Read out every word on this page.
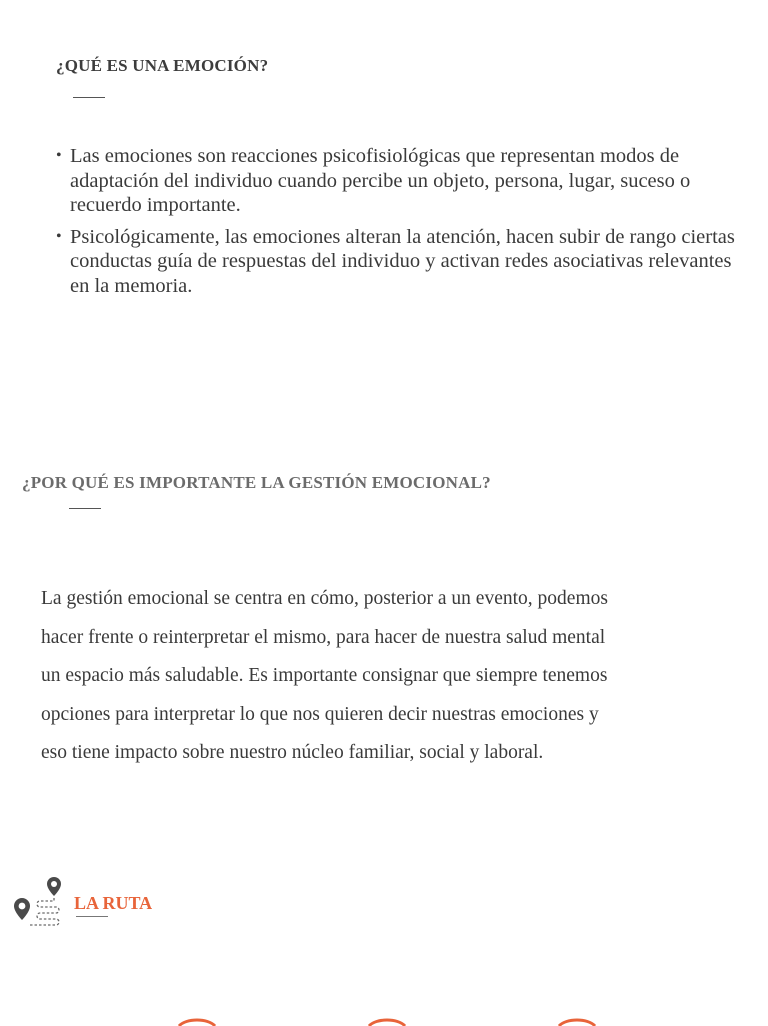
¿QUÉ ES UNA EMOCIÓN?
• Las emociones son reacciones psicofisiológicas que representan modos de adaptación del individuo cuando percibe un objeto, persona, lugar, suceso o recuerdo importante.
• Psicológicamente, las emociones alteran la atención, hacen subir de rango ciertas conductas guía de respuestas del individuo y activan redes asociativas relevantes en la memoria.
¿POR QUÉ ES IMPORTANTE LA GESTIÓN EMOCIONAL?

La gestión emocional se centra en cómo, posterior a un evento, podemos

hacer frente o reinterpretar el mismo, para hacer de nuestra salud mental

un espacio más saludable. Es importante consignar que siempre tenemos

opciones para interpretar lo que nos quieren decir nuestras emociones y

eso tiene impacto sobre nuestro núcleo familiar, social y laboral.

LA RUTA
